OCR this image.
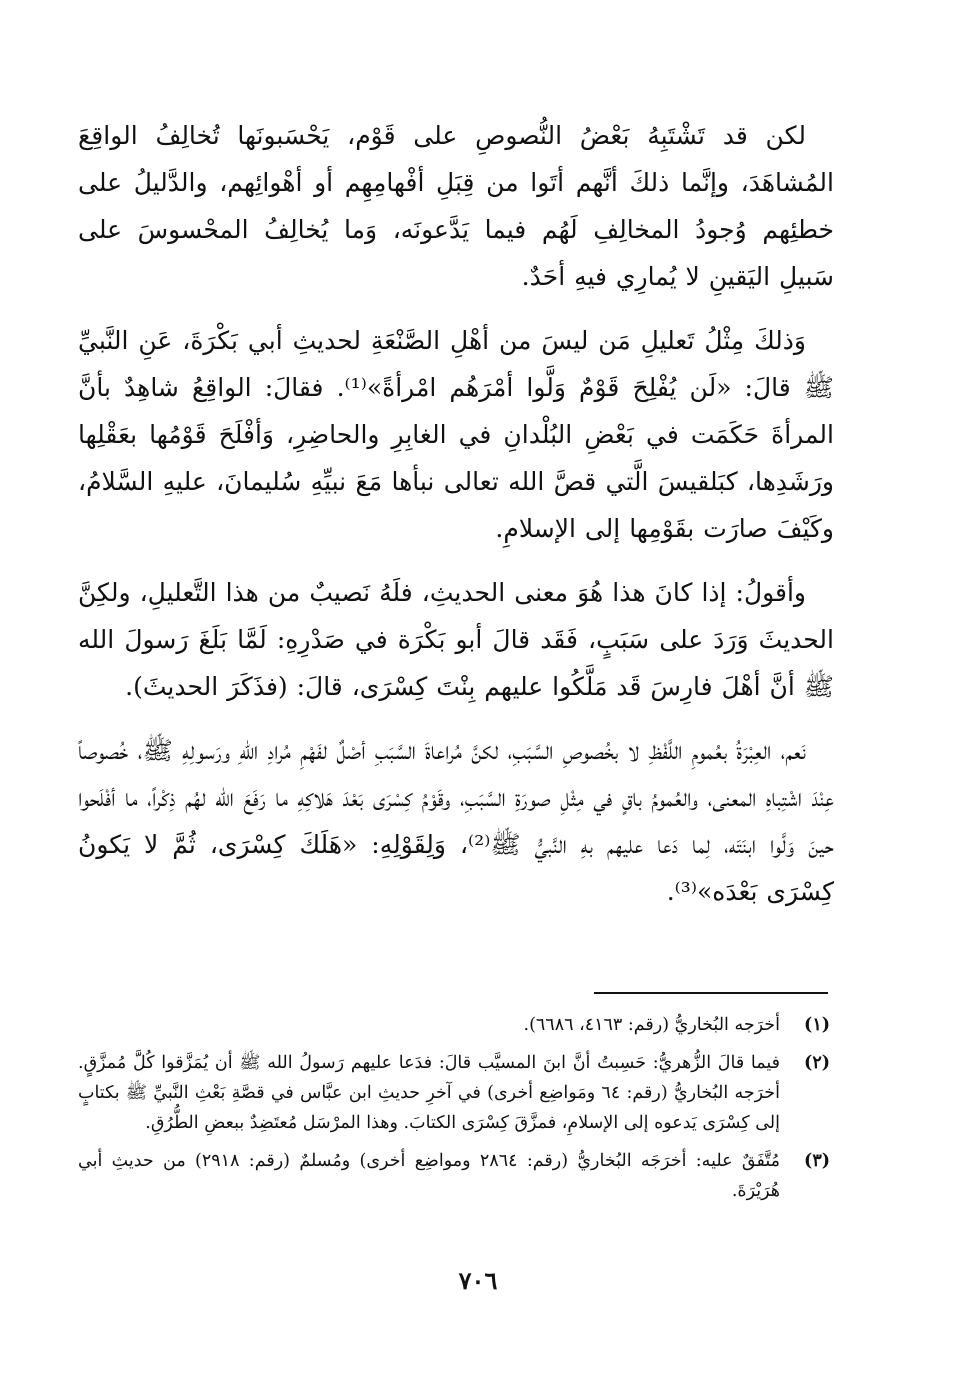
لكن قد تَشْتَبِهُ بَعْضُ النُّصوصِ على قَوْم، يَحْسَبونَها تُخالِفُ الواقِعَ المُشاهَدَ، وإنَّما ذلكَ أنَّهم أتَوا من قِبَلِ أفْهامِهِم أو أهْوائِهم، والدَّليلُ على خطئِهم وُجودُ المخالِفِ لَهُم فيما يَدَّعونَه، وَما يُخالِفُ المحْسوسَ على سَبيلِ اليَقينِ لا يُمارِي فيهِ أحَدٌ.

وَذلكَ مِثْلُ تَعليلِ مَن ليسَ من أهْلِ الصَّنْعَةِ لحديثِ أبي بَكْرَةَ، عَنِ النَّبيِّ ﷺ قالَ: «لَن يُفْلِحَ قَوْمٌ وَلَّوا أمْرَهُم امْرأةً»⁽¹⁾. فقالَ: الواقِعُ شاهِدٌ بأنَّ المرأةَ حَكَمَت في بَعْضِ البُلْدانِ في الغابِرِ والحاضِرِ، وَأفْلَحَ قَوْمُها بعَقْلِها ورَشَدِها، كبَلقيسَ الَّتي قصَّ الله تعالى نبأها مَعَ نبيِّهِ سُليمانَ، عليهِ السَّلامُ، وكَيْفَ صارَت بقَوْمِها إلى الإسلامِ.

وأقولُ: إذا كانَ هذا هُوَ معنى الحديثِ، فلَهُ نَصيبٌ من هذا التَّعليلِ، ولكِنَّ الحديثَ وَرَدَ على سَبَبٍ، فَقَد قالَ أبو بَكْرَة في صَدْرِهِ: لَمَّا بَلَغَ رَسولَ الله ﷺ أنَّ أهْلَ فارِسَ قَد مَلَّكُوا عليهم بِنْتَ كِسْرَى، قالَ: (فذَكَرَ الحديثَ).

نَعم، العِبْرَةُ بعُمومِ اللَّفْظِ لا بخُصوصِ السَّبَبِ، لكنَّ مُراعاةَ السَّبَبِ أصْلٌ لفَهْمِ مُرادِ اللهِ ورَسولِهِ ﷺ، خُصوصاً عِنْدَ اشْتِباهِ المعنى، والعُمومُ باقٍ في مِثْلِ صورَةِ السَّبَبِ، وقَوْمُ كِسْرَى بَعْدَ هَلاكِهِ ما رَفَعَ الله لهُم ذِكْراً، ما أفْلَحوا حينَ وَلَّوا ابنَتَه، لِما دَعا عليهم بهِ النَّبيُّ ﷺ⁽²⁾، وَلِقَوْلِهِ: «هَلَكَ كِسْرَى، ثُمَّ لا يَكونُ كِسْرَى بَعْدَه»⁽³⁾.

(١)
أخرَجه البُخاريُّ (رقم: ٤١٦٣، ٦٦٨٦).
(٢)
فيما قالَ الزُّهريُّ: حَسِبتُ أنَّ ابنَ المسيَّب قالَ: فدَعا عليهم رَسولُ الله ﷺ أن يُمَزَّقوا كُلَّ مُمزَّقٍ. أخرَجه البُخاريُّ (رقم: ٦٤ ومَواضِع أخرى) في آخرِ حديثِ ابن عبَّاس في قصَّةِ بَعْثِ النَّبيِّ ﷺ بكتابٍ إلى كِسْرَى يَدعوه إلى الإسلامِ، فمزَّقَ كِسْرَى الكتابَ. وهذا المرْسَل مُعتَضِدٌ ببعضِ الطُّرُقِ.
(٣)
مُتَّفَقٌ عليه: أخرَجَه البُخاريُّ (رقم: ٢٨٦٤ ومواضِع أخرى) ومُسلمٌ (رقم: ٢٩١٨) من حديثِ أبي هُرَيْرَةَ.
٧٠٦
